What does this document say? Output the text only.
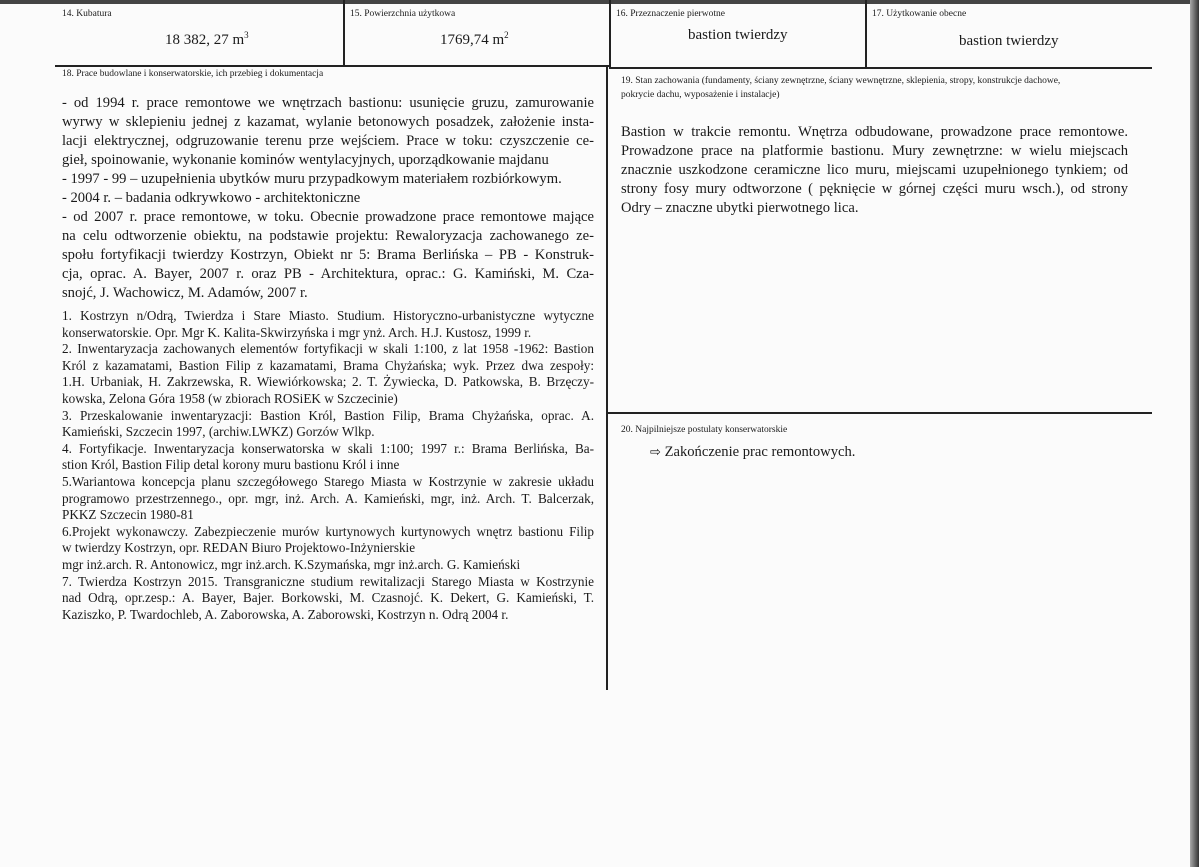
14. Kubatura
18 382, 27 $m^3$
15. Powierzchnia użytkowa
1769,74 $m^2$
16. Przeznaczenie pierwotne
bastion twierdzy
17. Użytkowanie obecne
bastion twierdzy
18. Prace budowlane i konserwatorskie, ich przebieg i dokumentacja
- od 1994 r. prace remontowe we wnętrzach bastionu: usunięcie gruzu, zamurowanie
wyrwy w sklepieniu jednej z kazamat, wylanie betonowych posadzek, założenie insta-
lacji elektrycznej, odgruzowanie terenu prze wejściem. Prace w toku: czyszczenie ce-
gieł, spoinowanie, wykonanie kominów wentylacyjnych, uporządkowanie majdanu
- 1997 - 99 – uzupełnienia ubytków muru przypadkowym materiałem rozbiórkowym.
- 2004 r. – badania odkrywkowo - architektoniczne
- od 2007 r. prace remontowe, w toku. Obecnie prowadzone prace remontowe mające
na celu odtworzenie obiektu, na podstawie projektu: Rewaloryzacja zachowanego ze-
społu fortyfikacji twierdzy Kostrzyn, Obiekt nr 5: Brama Berlińska – PB - Konstruk-
cja, oprac. A. Bayer, 2007 r. oraz PB - Architektura, oprac.: G. Kamiński, M. Cza-
snojć, J. Wachowicz, M. Adamów, 2007 r.
1. Kostrzyn n/Odrą, Twierdza i Stare Miasto. Studium. Historyczno-urbanistyczne wytyczne
konserwatorskie. Opr. Mgr K. Kalita-Skwirzyńska i mgr ynż. Arch. H.J. Kustosz, 1999 r.
2. Inwentaryzacja zachowanych elementów fortyfikacji w skali 1:100, z lat 1958 -1962: Bastion
Król z kazamatami, Bastion Filip z kazamatami, Brama Chyżańska; wyk. Przez dwa zespoły:
1.H. Urbaniak, H. Zakrzewska, R. Wiewiórkowska; 2. T. Żywiecka, D. Patkowska, B. Brzęczy-
kowska, Zelona Góra 1958 (w zbiorach ROSiEK w Szczecinie)
3. Przeskalowanie inwentaryzacji: Bastion Król, Bastion Filip, Brama Chyżańska, oprac. A.
Kamieński, Szczecin 1997, (archiw.LWKZ) Gorzów Wlkp.
4. Fortyfikacje. Inwentaryzacja konserwatorska w skali 1:100; 1997 r.: Brama Berlińska, Ba-
stion Król, Bastion Filip detal korony muru bastionu Król i inne
5.Wariantowa koncepcja planu szczegółowego Starego Miasta w Kostrzynie w zakresie układu
programowo przestrzennego., opr. mgr, inż. Arch. A. Kamieński, mgr, inż. Arch. T. Balcerzak,
PKKZ Szczecin 1980-81
6.Projekt wykonawczy. Zabezpieczenie murów kurtynowych kurtynowych wnętrz bastionu Filip
w twierdzy Kostrzyn, opr. REDAN Biuro Projektowo-Inżynierskie
mgr inż.arch. R. Antonowicz, mgr inż.arch. K.Szymańska, mgr inż.arch. G. Kamieński
7. Twierdza Kostrzyn 2015. Transgraniczne studium rewitalizacji Starego Miasta w Kostrzynie
nad Odrą, opr.zesp.: A. Bayer, Bajer. Borkowski, M. Czasnojć. K. Dekert, G. Kamieński, T.
Kaziszko, P. Twardochleb, A. Zaborowska, A. Zaborowski, Kostrzyn n. Odrą 2004 r.
19. Stan zachowania (fundamenty, ściany zewnętrzne, ściany wewnętrzne, sklepienia, stropy, konstrukcje dachowe,
pokrycie dachu, wyposażenie i instalacje)
Bastion w trakcie remontu. Wnętrza odbudowane, prowadzone prace remontowe.
Prowadzone prace na platformie bastionu. Mury zewnętrzne: w wielu miejscach
znacznie uszkodzone ceramiczne lico muru, miejscami uzupełnionego tynkiem; od
strony fosy mury odtworzone ( pęknięcie w górnej części muru wsch.), od strony
Odry – znaczne ubytki pierwotnego lica.
20. Najpilniejsze postulaty konserwatorskie
⇨ Zakończenie prac remontowych.
